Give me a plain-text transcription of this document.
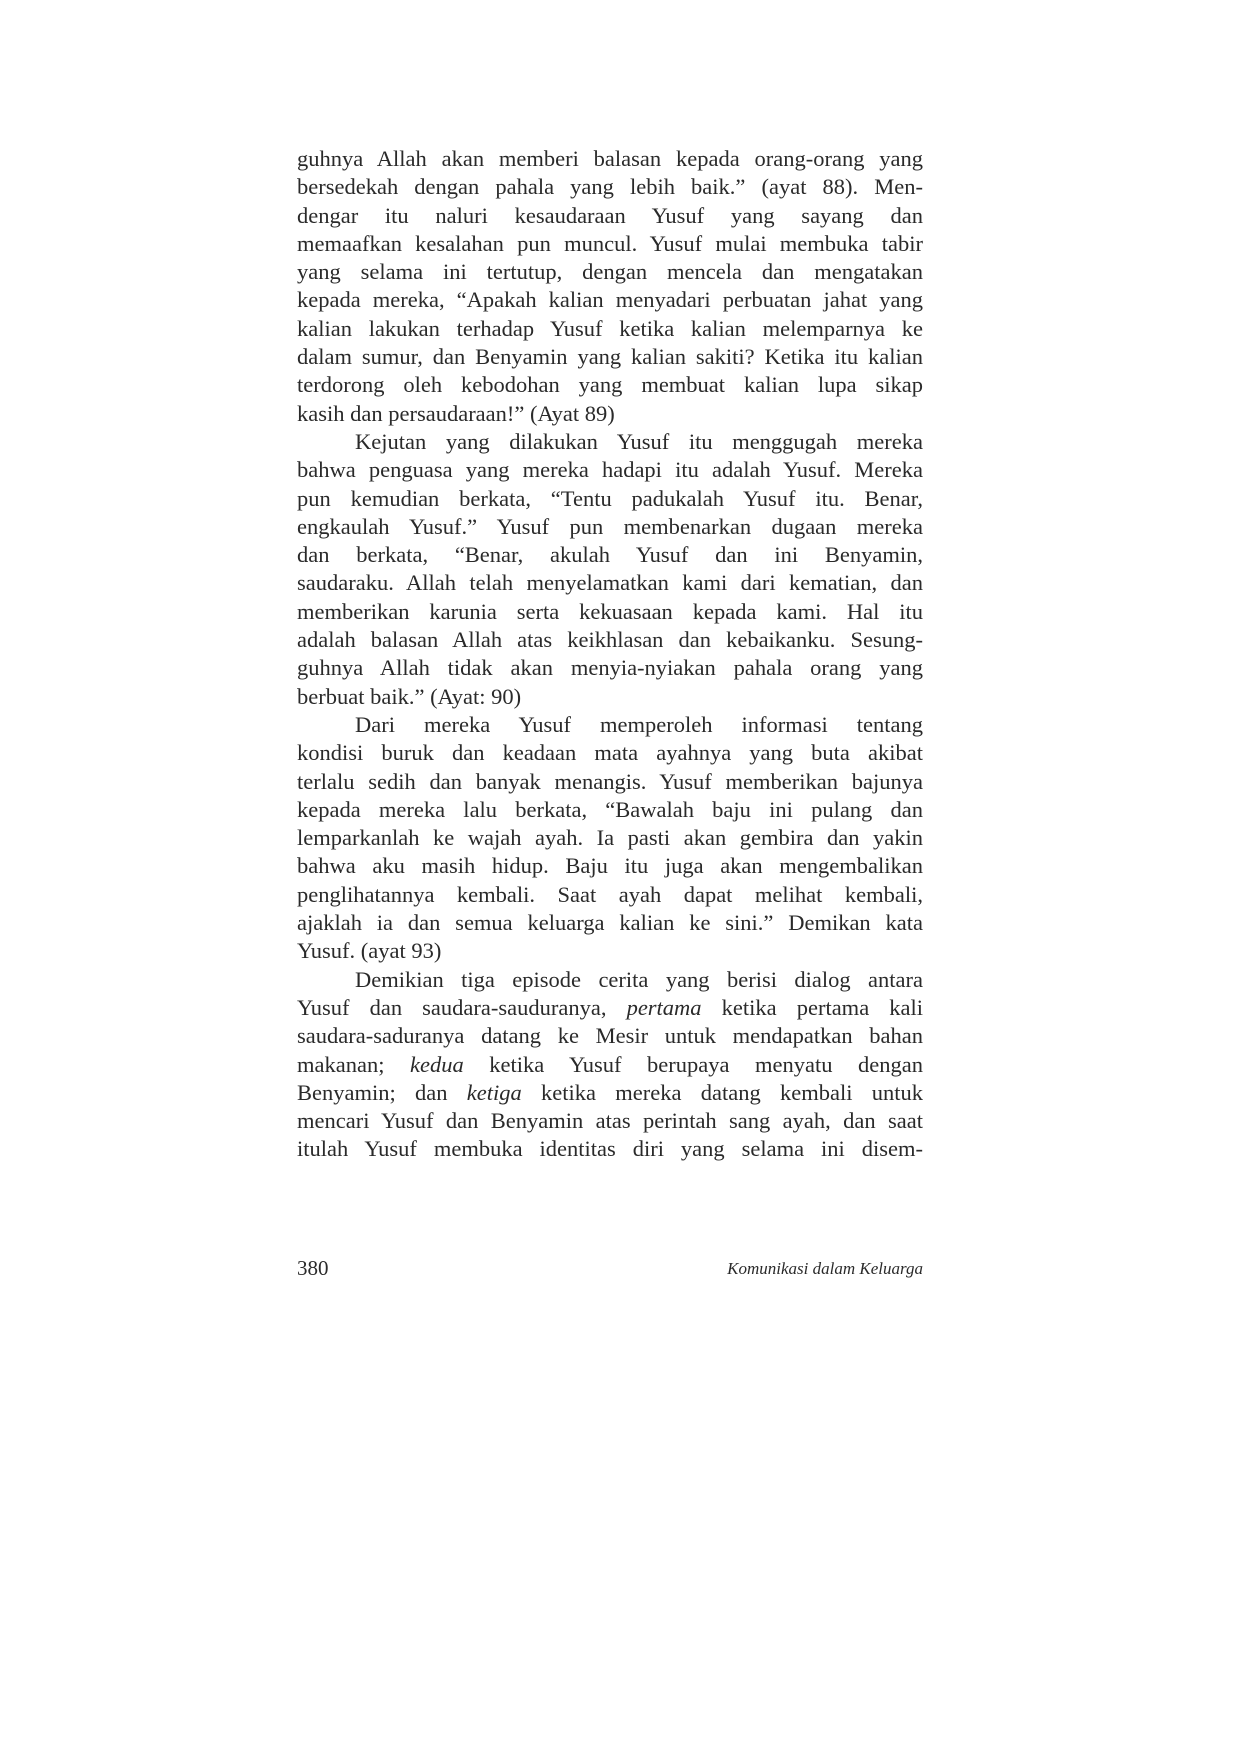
guhnya Allah akan memberi balasan kepada orang-orang yang
bersedekah dengan pahala yang lebih baik.” (ayat 88). Men-
dengar itu naluri kesaudaraan Yusuf yang sayang dan
memaafkan kesalahan pun muncul. Yusuf mulai membuka tabir
yang selama ini tertutup, dengan mencela dan mengatakan
kepada mereka, “Apakah kalian menyadari perbuatan jahat yang
kalian lakukan terhadap Yusuf ketika kalian melemparnya ke
dalam sumur, dan Benyamin yang kalian sakiti? Ketika itu kalian
terdorong oleh kebodohan yang membuat kalian lupa sikap
kasih dan persaudaraan!” (Ayat 89)
Kejutan yang dilakukan Yusuf itu menggugah mereka
bahwa penguasa yang mereka hadapi itu adalah Yusuf. Mereka
pun kemudian berkata, “Tentu padukalah Yusuf itu. Benar,
engkaulah Yusuf.” Yusuf pun membenarkan dugaan mereka
dan berkata, “Benar, akulah Yusuf dan ini Benyamin,
saudaraku. Allah telah menyelamatkan kami dari kematian, dan
memberikan karunia serta kekuasaan kepada kami. Hal itu
adalah balasan Allah atas keikhlasan dan kebaikanku. Sesung-
guhnya Allah tidak akan menyia-nyiakan pahala orang yang
berbuat baik.” (Ayat: 90)
Dari mereka Yusuf memperoleh informasi tentang
kondisi buruk dan keadaan mata ayahnya yang buta akibat
terlalu sedih dan banyak menangis. Yusuf memberikan bajunya
kepada mereka lalu berkata, “Bawalah baju ini pulang dan
lemparkanlah ke wajah ayah. Ia pasti akan gembira dan yakin
bahwa aku masih hidup. Baju itu juga akan mengembalikan
penglihatannya kembali. Saat ayah dapat melihat kembali,
ajaklah ia dan semua keluarga kalian ke sini.” Demikan kata
Yusuf. (ayat 93)
Demikian tiga episode cerita yang berisi dialog antara
Yusuf dan saudara-sauduranya, pertama ketika pertama kali
saudara-saduranya datang ke Mesir untuk mendapatkan bahan
makanan; kedua ketika Yusuf berupaya menyatu dengan
Benyamin; dan ketiga ketika mereka datang kembali untuk
mencari Yusuf dan Benyamin atas perintah sang ayah, dan saat
itulah Yusuf membuka identitas diri yang selama ini disem-
380	Komunikasi dalam Keluarga
